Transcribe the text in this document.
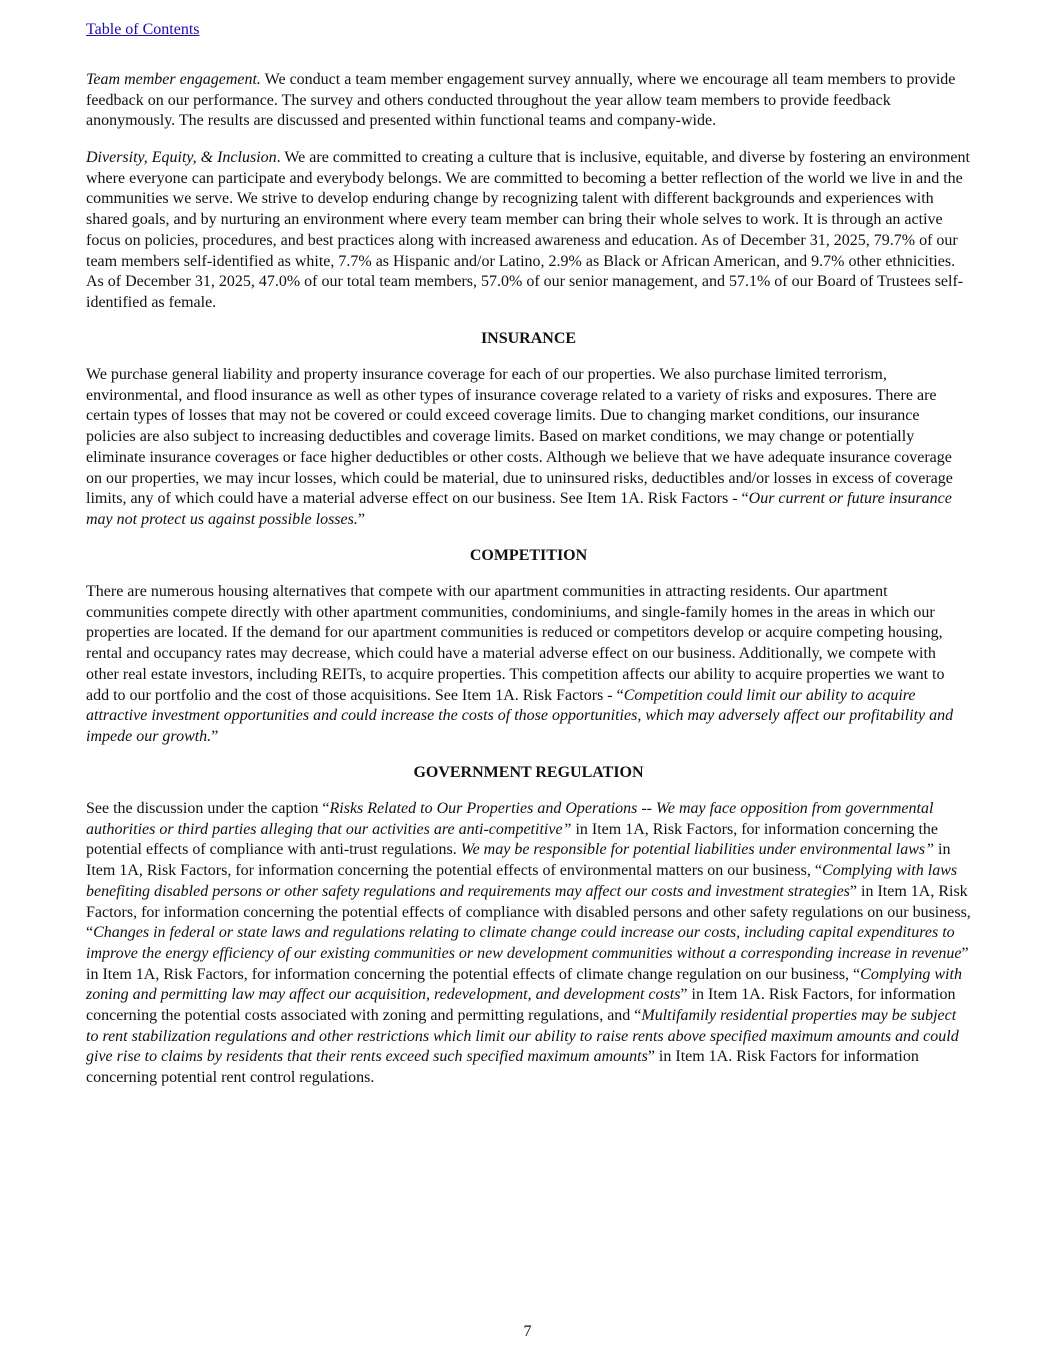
Table of Contents

Team member engagement. We conduct a team member engagement survey annually, where we encourage all team members to provide feedback on our performance. The survey and others conducted throughout the year allow team members to provide feedback anonymously. The results are discussed and presented within functional teams and company-wide.

Diversity, Equity, & Inclusion. We are committed to creating a culture that is inclusive, equitable, and diverse by fostering an environment where everyone can participate and everybody belongs. We are committed to becoming a better reflection of the world we live in and the communities we serve. We strive to develop enduring change by recognizing talent with different backgrounds and experiences with shared goals, and by nurturing an environment where every team member can bring their whole selves to work. It is through an active focus on policies, procedures, and best practices along with increased awareness and education. As of December 31, 2025, 79.7% of our team members self-identified as white, 7.7% as Hispanic and/or Latino, 2.9% as Black or African American, and 9.7% other ethnicities. As of December 31, 2025, 47.0% of our total team members, 57.0% of our senior management, and 57.1% of our Board of Trustees self-identified as female.

INSURANCE

We purchase general liability and property insurance coverage for each of our properties. We also purchase limited terrorism, environmental, and flood insurance as well as other types of insurance coverage related to a variety of risks and exposures. There are certain types of losses that may not be covered or could exceed coverage limits. Due to changing market conditions, our insurance policies are also subject to increasing deductibles and coverage limits. Based on market conditions, we may change or potentially eliminate insurance coverages or face higher deductibles or other costs. Although we believe that we have adequate insurance coverage on our properties, we may incur losses, which could be material, due to uninsured risks, deductibles and/or losses in excess of coverage limits, any of which could have a material adverse effect on our business. See Item 1A. Risk Factors - “Our current or future insurance may not protect us against possible losses.”

COMPETITION

There are numerous housing alternatives that compete with our apartment communities in attracting residents. Our apartment communities compete directly with other apartment communities, condominiums, and single-family homes in the areas in which our properties are located. If the demand for our apartment communities is reduced or competitors develop or acquire competing housing, rental and occupancy rates may decrease, which could have a material adverse effect on our business. Additionally, we compete with other real estate investors, including REITs, to acquire properties. This competition affects our ability to acquire properties we want to add to our portfolio and the cost of those acquisitions. See Item 1A. Risk Factors - “Competition could limit our ability to acquire attractive investment opportunities and could increase the costs of those opportunities, which may adversely affect our profitability and impede our growth.”

GOVERNMENT REGULATION

See the discussion under the caption “Risks Related to Our Properties and Operations -- We may face opposition from governmental authorities or third parties alleging that our activities are anti-competitive” in Item 1A, Risk Factors, for information concerning the potential effects of compliance with anti-trust regulations. We may be responsible for potential liabilities under environmental laws” in Item 1A, Risk Factors, for information concerning the potential effects of environmental matters on our business, “Complying with laws benefiting disabled persons or other safety regulations and requirements may affect our costs and investment strategies” in Item 1A, Risk Factors, for information concerning the potential effects of compliance with disabled persons and other safety regulations on our business, “Changes in federal or state laws and regulations relating to climate change could increase our costs, including capital expenditures to improve the energy efficiency of our existing communities or new development communities without a corresponding increase in revenue” in Item 1A, Risk Factors, for information concerning the potential effects of climate change regulation on our business, “Complying with zoning and permitting law may affect our acquisition, redevelopment, and development costs” in Item 1A. Risk Factors, for information concerning the potential costs associated with zoning and permitting regulations, and “Multifamily residential properties may be subject to rent stabilization regulations and other restrictions which limit our ability to raise rents above specified maximum amounts and could give rise to claims by residents that their rents exceed such specified maximum amounts” in Item 1A. Risk Factors for information concerning potential rent control regulations.

7
